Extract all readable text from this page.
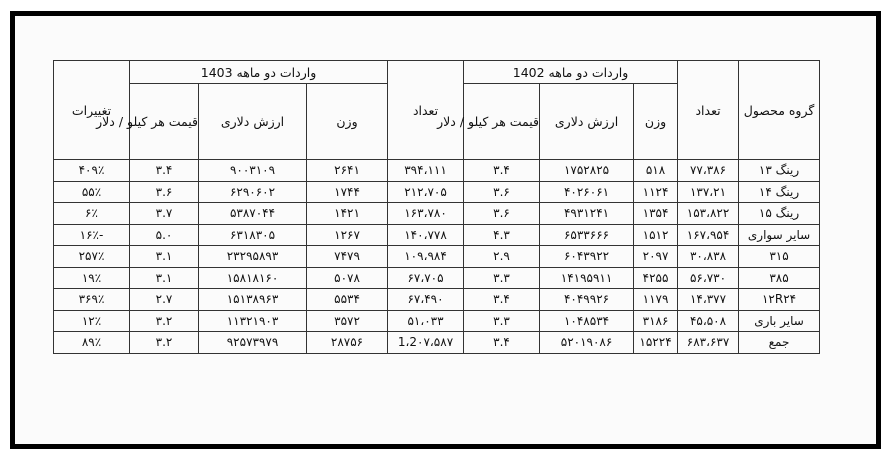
گروه محصول	تعداد	واردات دو ماهه 1402			تعداد	واردات دو ماهه 1403			تغییرات
		وزن	ارزش دلاری	قیمت هر کیلو / دلار		وزن	ارزش دلاری	قیمت هر کیلو / دلار	
رینگ ۱۳	۷۷،۳۸۶	۵۱۸	۱۷۵۲۸۲۵	۳.۴	۳۹۴،۱۱۱	۲۶۴۱	۹۰۰۳۱۰۹	۳.۴	۴۰۹٪
رینگ ۱۴	۱۳۷،۲۱	۱۱۲۴	۴۰۲۶۰۶۱	۳.۶	۲۱۲،۷۰۵	۱۷۴۴	۶۲۹۰۶۰۲	۳.۶	۵۵٪
رینگ ۱۵	۱۵۳،۸۲۲	۱۳۵۴	۴۹۳۱۲۴۱	۳.۶	۱۶۳،۷۸۰	۱۴۲۱	۵۳۸۷۰۴۴	۳.۷	۶٪
سایر سواری	۱۶۷،۹۵۴	۱۵۱۲	۶۵۳۳۶۶۶	۴.۳	۱۴۰،۷۷۸	۱۲۶۷	۶۳۱۸۳۰۵	۵.۰	-۱۶٪
۳۱۵	۳۰،۸۳۸	۲۰۹۷	۶۰۴۳۹۲۲	۲.۹	۱۰۹،۹۸۴	۷۴۷۹	۲۳۲۹۵۸۹۳	۳.۱	۲۵۷٪
۳۸۵	۵۶،۷۳۰	۴۲۵۵	۱۴۱۹۵۹۱۱	۳.۳	۶۷،۷۰۵	۵۰۷۸	۱۵۸۱۸۱۶۰	۳.۱	۱۹٪
۱۲R۲۴	۱۴،۳۷۷	۱۱۷۹	۴۰۴۹۹۲۶	۳.۴	۶۷،۴۹۰	۵۵۳۴	۱۵۱۳۸۹۶۳	۲.۷	۳۶۹٪
سایر باری	۴۵،۵۰۸	۳۱۸۶	۱۰۴۸۵۳۴	۳.۳	۵۱،۰۳۳	۳۵۷۲	۱۱۳۲۱۹۰۳	۳.۲	۱۲٪
جمع	۶۸۳،۶۳۷	۱۵۲۲۴	۵۲۰۱۹۰۸۶	۳.۴	1،2۰۷،۵۸۷	۲۸۷۵۶	۹۲۵۷۳۹۷۹	۳.۲	۸۹٪
